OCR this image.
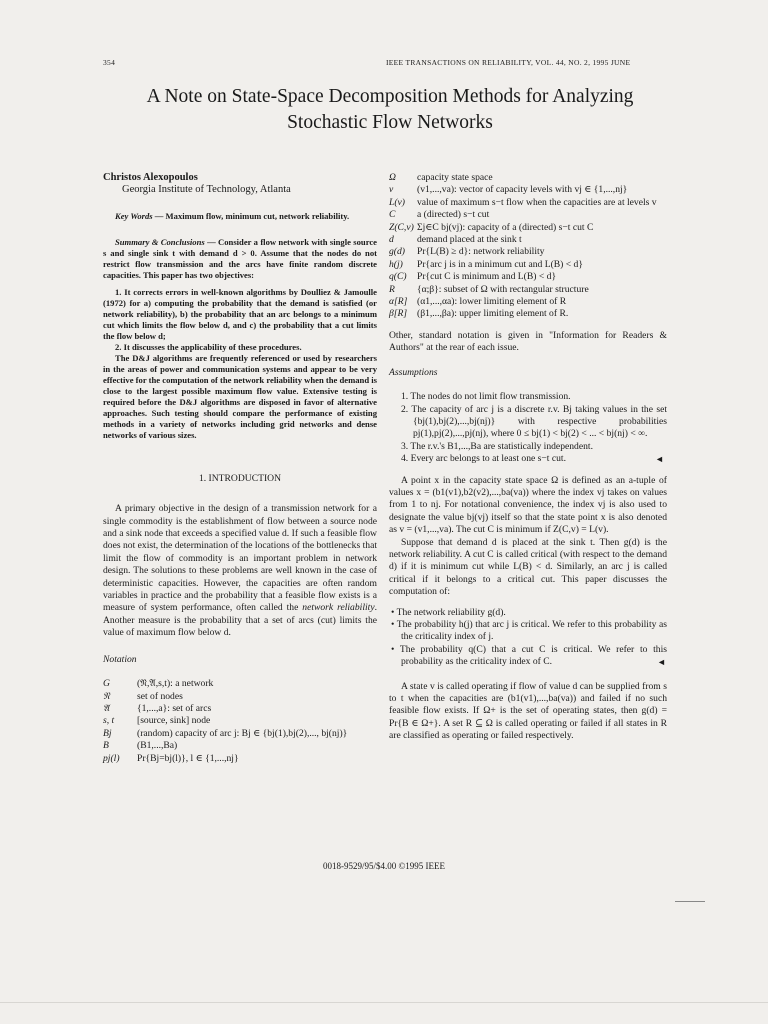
354	IEEE TRANSACTIONS ON RELIABILITY, VOL. 44, NO. 2, 1995 JUNE
A Note on State-Space Decomposition Methods for Analyzing
Stochastic Flow Networks
Christos Alexopoulos
Georgia Institute of Technology, Atlanta

Key Words — Maximum flow, minimum cut, network reliability.

Summary & Conclusions — Consider a flow network with single source s and single sink t with demand d > 0. Assume that the nodes do not restrict flow transmission and the arcs have finite random discrete capacities. This paper has two objectives:

1. It corrects errors in well-known algorithms by Doulliez & Jamoulle (1972) for a) computing the probability that the demand is satisfied (or network reliability), b) the probability that an arc belongs to a minimum cut which limits the flow below d, and c) the probability that a cut limits the flow below d;

2. It discusses the applicability of these procedures.

The D&J algorithms are frequently referenced or used by researchers in the areas of power and communication systems and appear to be very effective for the computation of the network reliability when the demand is close to the largest possible maximum flow value. Extensive testing is required before the D&J algorithms are disposed in favor of alternative approaches. Such testing should compare the performance of existing methods in a variety of networks including grid networks and dense networks of various sizes.

1. INTRODUCTION

A primary objective in the design of a transmission network for a single commodity is the establishment of flow between a source node and a sink node that exceeds a specified value d. If such a feasible flow does not exist, the determination of the locations of the bottlenecks that limit the flow of commodity is an important problem in network design. The solutions to these problems are well known in the case of deterministic capacities. However, the capacities are often random variables in practice and the probability that a feasible flow exists is a measure of system performance, often called the network reliability. Another measure is the probability that a set of arcs (cut) limits the value of maximum flow below d.

Notation
G	(𝔑,𝔄,s,t): a network
𝔑	set of nodes
𝔄	{1,...,a}: set of arcs
s, t	[source, sink] node
Bj	(random) capacity of arc j: Bj ∈ {bj(1),bj(2),..., bj(nj)}
B	(B1,...,Ba)
pj(l)	Pr{Bj=bj(l)}, l ∈ {1,...,nj}
Ω	capacity state space
v	(v1,...,va): vector of capacity levels with vj ∈ {1,...,nj}
L(v)	value of maximum s−t flow when the capacities are at levels v
C	a (directed) s−t cut
Z(C,v) Σj∈C bj(vj): capacity of a (directed) s−t cut C
d	demand placed at the sink t
g(d)	Pr{L(B) ≥ d}: network reliability
h(j)	Pr{arc j is in a minimum cut and L(B) < d}
q(C)	Pr{cut C is minimum and L(B) < d}
R	{α;β}: subset of Ω with rectangular structure
α[R]	(α1,...,αa): lower limiting element of R
β[R]	(β1,...,βa): upper limiting element of R.

Other, standard notation is given in "Information for Readers & Authors" at the rear of each issue.

Assumptions
1. The nodes do not limit flow transmission.
2. The capacity of arc j is a discrete r.v. Bj taking values in the set {bj(1),bj(2),...,bj(nj)} with respective probabilities pj(1),pj(2),...,pj(nj), where 0 ≤ bj(1) < bj(2) < ... < bj(nj) < ∞.
3. The r.v.'s B1,...,Ba are statistically independent.
4. Every arc belongs to at least one s−t cut.	◄

A point x in the capacity state space Ω is defined as an a-tuple of values x = (b1(v1),b2(v2),...,ba(va)) where the index vj takes on values from 1 to nj. For notational convenience, the index vj is also used to designate the value bj(vj) itself so that the state point x is also denoted as v = (v1,...,va). The cut C is minimum if Z(C,v) = L(v).

Suppose that demand d is placed at the sink t. Then g(d) is the network reliability. A cut C is called critical (with respect to the demand d) if it is minimum cut while L(B) < d. Similarly, an arc j is called critical if it belongs to a critical cut. This paper discusses the computation of:

• The network reliability g(d).
• The probability h(j) that arc j is critical. We refer to this probability as the criticality index of j.
• The probability q(C) that a cut C is critical. We refer to this probability as the criticality index of C.	◄

A state v is called operating if flow of value d can be supplied from s to t when the capacities are (b1(v1),...,ba(va)) and failed if no such feasible flow exists. If Ω+ is the set of operating states, then g(d) = Pr{B ∈ Ω+}. A set R ⊆ Ω is called operating or failed if all states in R are classified as operating or failed respectively.

0018-9529/95/$4.00 ©1995 IEEE
